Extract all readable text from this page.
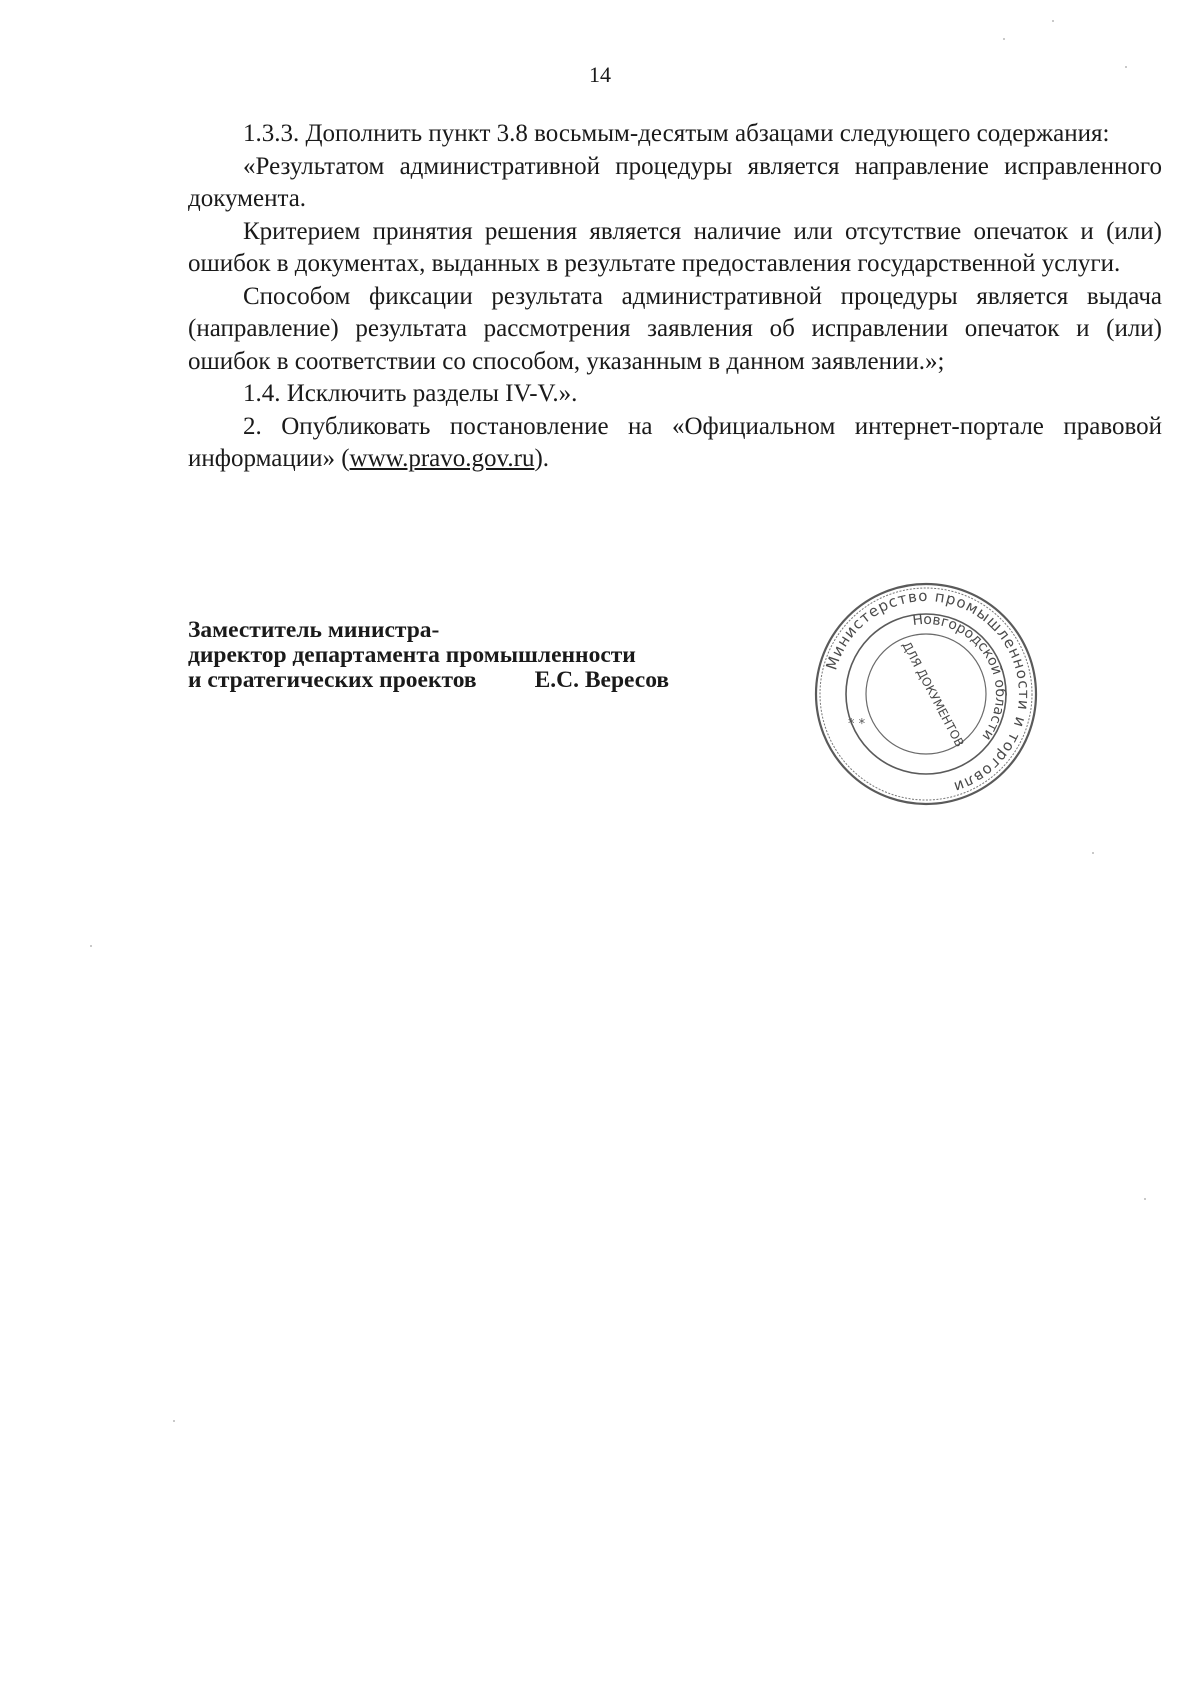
14

1.3.3. Дополнить пункт 3.8 восьмым-десятым абзацами следующего содержания:

«Результатом административной процедуры является направление исправленного документа.

Критерием принятия решения является наличие или отсутствие опечаток и (или) ошибок в документах, выданных в результате предоставления государственной услуги.

Способом фиксации результата административной процедуры является выдача (направление) результата рассмотрения заявления об исправлении опечаток и (или) ошибок в соответствии со способом, указанным в данном заявлении.»;

1.4. Исключить разделы IV-V.».

2. Опубликовать постановление на «Официальном интернет-портале правовой информации» (www.pravo.gov.ru).

Заместитель министра-
директор департамента промышленности
и стратегических проектов Е.С. Вересов
Министерство промышленности и торговли
Новгородской области
ДЛЯ ДОКУМЕНТОВ
* *
